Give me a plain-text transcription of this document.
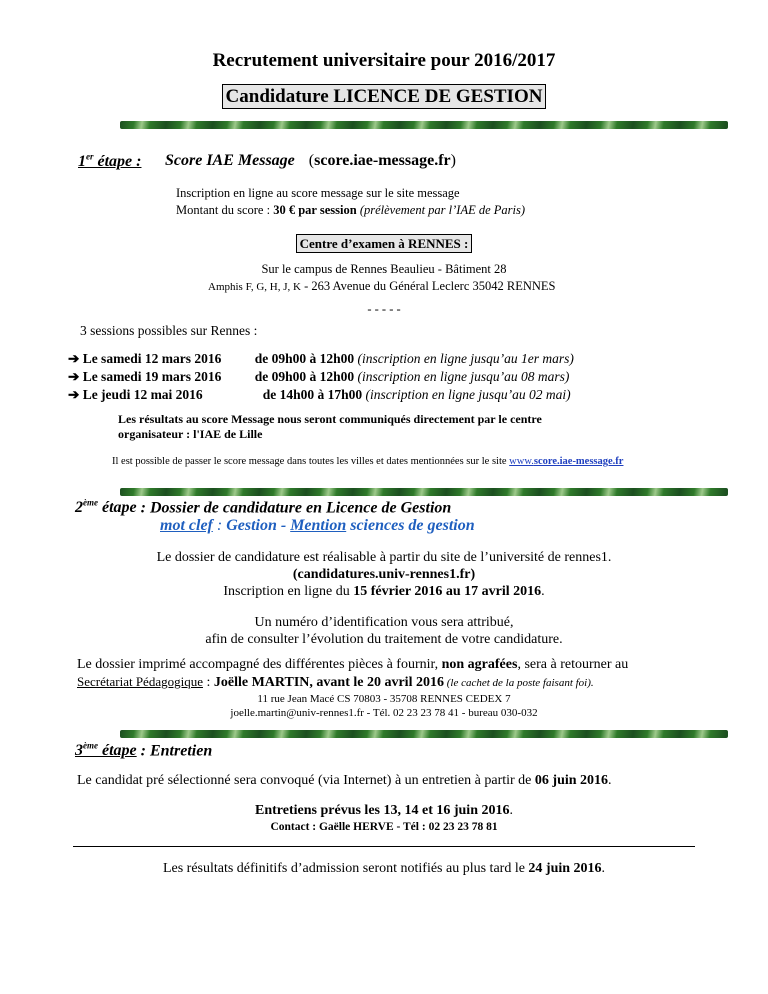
Recrutement universitaire pour 2016/2017
Candidature LICENCE DE GESTION
1er étape : Score IAE Message (score.iae-message.fr)
Inscription en ligne au score message sur le site message
Montant du score : 30 € par session (prélèvement par l’IAE de Paris)
Centre d’examen à RENNES :
Sur le campus de Rennes Beaulieu - Bâtiment 28
Amphis F, G, H, J, K - 263 Avenue du Général Leclerc 35042 RENNES
- - - - -
3 sessions possibles sur Rennes :
➔ Le samedi 12 mars 2016 de 09h00 à 12h00 (inscription en ligne jusqu’au 1er mars)
➔ Le samedi 19 mars 2016 de 09h00 à 12h00 (inscription en ligne jusqu’au 08 mars)
➔ Le jeudi 12 mai 2016	de 14h00 à 17h00 (inscription en ligne jusqu’au 02 mai)
Les résultats au score Message nous seront communiqués directement par le centre
organisateur : l'IAE de Lille
Il est possible de passer le score message dans toutes les villes et dates mentionnées sur le site www.score.iae-message.fr
2ème étape : Dossier de candidature en Licence de Gestion
mot clef : Gestion - Mention sciences de gestion
Le dossier de candidature est réalisable à partir du site de l’université de rennes1.
(candidatures.univ-rennes1.fr)
Inscription en ligne du 15 février 2016 au 17 avril 2016.
Un numéro d’identification vous sera attribué,
afin de consulter l’évolution du traitement de votre candidature.
Le dossier imprimé accompagné des différentes pièces à fournir, non agrafées, sera à retourner au
Secrétariat Pédagogique : Joëlle MARTIN, avant le 20 avril 2016 (le cachet de la poste faisant foi).
11 rue Jean Macé CS 70803 - 35708 RENNES CEDEX 7
joelle.martin@univ-rennes1.fr - Tél. 02 23 23 78 41 - bureau 030-032
3ème étape : Entretien
Le candidat pré sélectionné sera convoqué (via Internet) à un entretien à partir de 06 juin 2016.
Entretiens prévus les 13, 14 et 16 juin 2016.
Contact : Gaëlle HERVE - Tél : 02 23 23 78 81
Les résultats définitifs d’admission seront notifiés au plus tard le 24 juin 2016.
